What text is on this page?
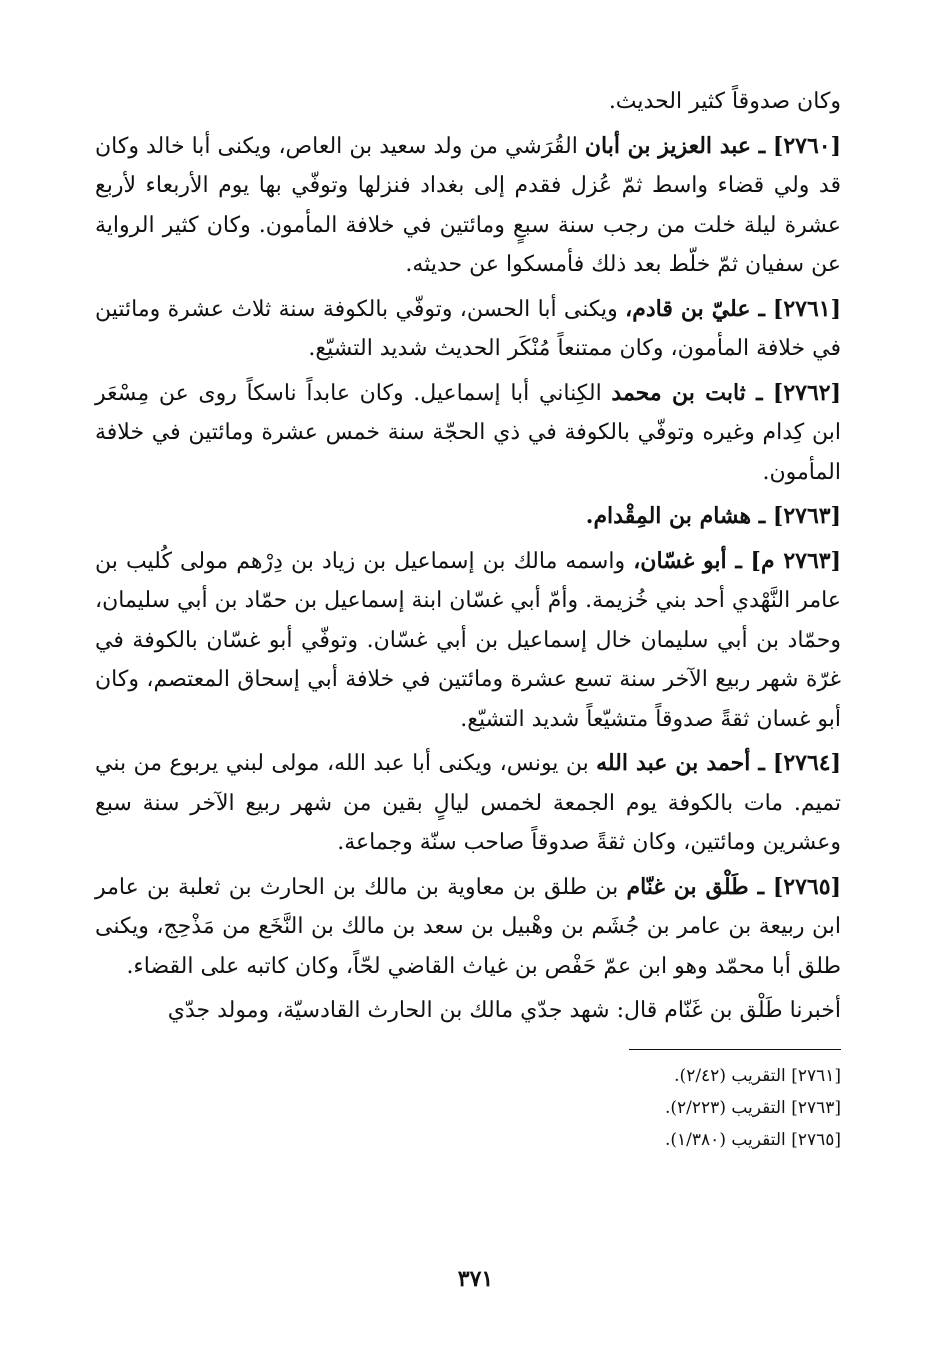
وكان صدوقاً كثير الحديث.

[٢٧٦٠] ـ عبد العزيز بن أبان القُرَشي من ولد سعيد بن العاص، ويكنى أبا خالد وكان قد ولي قضاء واسط ثمّ عُزل فقدم إلى بغداد فنزلها وتوفّي بها يوم الأربعاء لأربع عشرة ليلة خلت من رجب سنة سبعٍ ومائتين في خلافة المأمون. وكان كثير الرواية عن سفيان ثمّ خلّط بعد ذلك فأمسكوا عن حديثه.

[٢٧٦١] ـ عليّ بن قادم، ويكنى أبا الحسن، وتوفّي بالكوفة سنة ثلاث عشرة ومائتين في خلافة المأمون، وكان ممتنعاً مُنْكَر الحديث شديد التشيّع.

[٢٧٦٢] ـ ثابت بن محمد الكِناني أبا إسماعيل. وكان عابداً ناسكاً روى عن مِسْعَر ابن كِدام وغيره وتوفّي بالكوفة في ذي الحجّة سنة خمس عشرة ومائتين في خلافة المأمون.

[٢٧٦٣] ـ هشام بن المِقْدام.

[٢٧٦٣ م] ـ أبو غسّان، واسمه مالك بن إسماعيل بن زياد بن دِرْهم مولى كُليب بن عامر النَّهْدي أحد بني خُزيمة. وأمّ أبي غسّان ابنة إسماعيل بن حمّاد بن أبي سليمان، وحمّاد بن أبي سليمان خال إسماعيل بن أبي غسّان. وتوفّي أبو غسّان بالكوفة في غرّة شهر ربيع الآخر سنة تسع عشرة ومائتين في خلافة أبي إسحاق المعتصم، وكان أبو غسان ثقةً صدوقاً متشيّعاً شديد التشيّع.

[٢٧٦٤] ـ أحمد بن عبد الله بن يونس، ويكنى أبا عبد الله، مولى لبني يربوع من بني تميم. مات بالكوفة يوم الجمعة لخمس ليالٍ بقين من شهر ربيع الآخر سنة سبع وعشرين ومائتين، وكان ثقةً صدوقاً صاحب سنّة وجماعة.

[٢٧٦٥] ـ طَلْق بن غنّام بن طلق بن معاوية بن مالك بن الحارث بن ثعلبة بن عامر ابن ربيعة بن عامر بن جُشَم بن وهْبيل بن سعد بن مالك بن النَّخَع من مَذْحِج، ويكنى طلق أبا محمّد وهو ابن عمّ حَفْص بن غياث القاضي لحّاً، وكان كاتبه على القضاء.

أخبرنا طَلْق بن غَنّام قال: شهد جدّي مالك بن الحارث القادسيّة، ومولد جدّي

[٢٧٦١] التقريب (٢/٤٢).

[٢٧٦٣] التقريب (٢/٢٢٣).

[٢٧٦٥] التقريب (١/٣٨٠).

٣٧١
